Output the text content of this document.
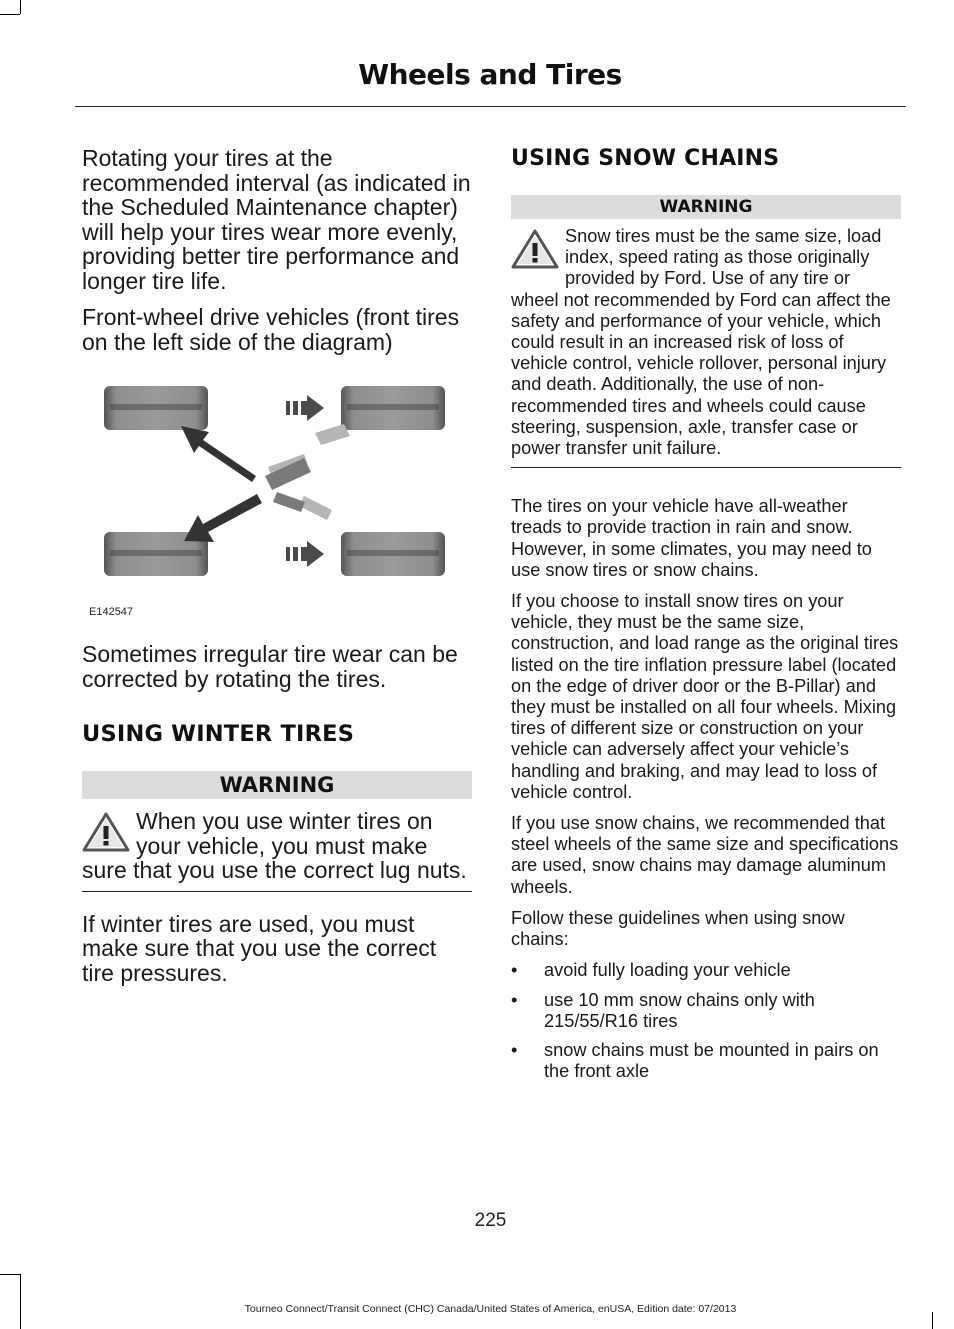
Wheels and Tires

Rotating your tires at the recommended interval (as indicated in the Scheduled Maintenance chapter) will help your tires wear more evenly, providing better tire performance and longer tire life.

Front-wheel drive vehicles (front tires on the left side of the diagram)

E142547

Sometimes irregular tire wear can be corrected by rotating the tires.

USING WINTER TIRES
WARNING
When you use winter tires on your vehicle, you must make sure that you use the correct lug nuts.

If winter tires are used, you must make sure that you use the correct tire pressures.

USING SNOW CHAINS
WARNING
Snow tires must be the same size, load index, speed rating as those originally provided by Ford. Use of any tire or wheel not recommended by Ford can affect the safety and performance of your vehicle, which could result in an increased risk of loss of vehicle control, vehicle rollover, personal injury and death. Additionally, the use of non-recommended tires and wheels could cause steering, suspension, axle, transfer case or power transfer unit failure.

The tires on your vehicle have all-weather treads to provide traction in rain and snow. However, in some climates, you may need to use snow tires or snow chains.

If you choose to install snow tires on your vehicle, they must be the same size, construction, and load range as the original tires listed on the tire inflation pressure label (located on the edge of driver door or the B-Pillar) and they must be installed on all four wheels. Mixing tires of different size or construction on your vehicle can adversely affect your vehicle’s handling and braking, and may lead to loss of vehicle control.

If you use snow chains, we recommended that steel wheels of the same size and specifications are used, snow chains may damage aluminum wheels.

Follow these guidelines when using snow chains:

• avoid fully loading your vehicle
• use 10 mm snow chains only with 215/55/R16 tires
• snow chains must be mounted in pairs on the front axle
225
Tourneo Connect/Transit Connect (CHC) Canada/United States of America, enUSA, Edition date: 07/2013
